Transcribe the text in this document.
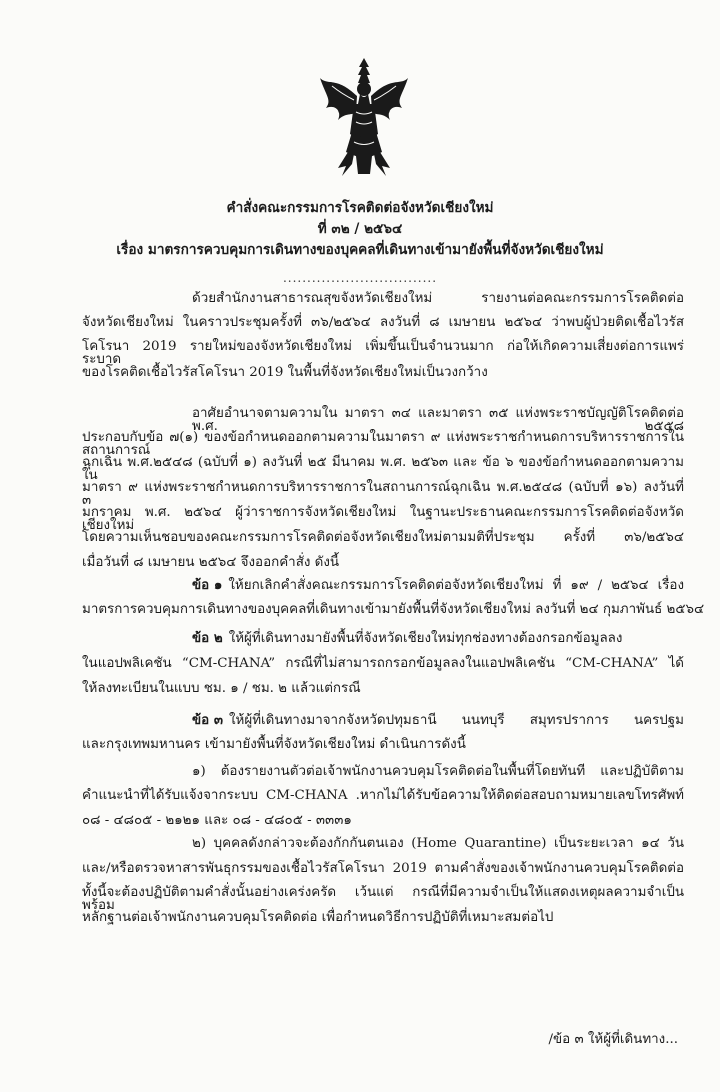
คำสั่งคณะกรรมการโรคติดต่อจังหวัดเชียงใหม่
ที่ ๓๒ / ๒๕๖๔
เรื่อง มาตรการควบคุมการเดินทางของบุคคลที่เดินทางเข้ามายังพื้นที่จังหวัดเชียงใหม่
................................
ด้วยสำนักงานสาธารณสุขจังหวัดเชียงใหม่ รายงานต่อคณะกรรมการโรคติดต่อ
จังหวัดเชียงใหม่ ในคราวประชุมครั้งที่ ๓๖/๒๕๖๔ ลงวันที่ ๘ เมษายน ๒๕๖๔ ว่าพบผู้ป่วยติดเชื้อไวรัส
โคโรนา 2019 รายใหม่ของจังหวัดเชียงใหม่ เพิ่มขึ้นเป็นจำนวนมาก ก่อให้เกิดความเสี่ยงต่อการแพร่ระบาด
ของโรคติดเชื้อไวรัสโคโรนา 2019 ในพื้นที่จังหวัดเชียงใหม่เป็นวงกว้าง
อาศัยอำนาจตามความใน มาตรา ๓๔ และมาตรา ๓๕ แห่งพระราชบัญญัติโรคติดต่อ พ.ศ. ๒๕๕๘
ประกอบกับข้อ ๗(๑) ของข้อกำหนดออกตามความในมาตรา ๙ แห่งพระราชกำหนดการบริหารราชการในสถานการณ์
ฉุกเฉิน พ.ศ.๒๕๔๘ (ฉบับที่ ๑) ลงวันที่ ๒๕ มีนาคม พ.ศ. ๒๕๖๓ และ ข้อ ๖ ของข้อกำหนดออกตามความใน
มาตรา ๙ แห่งพระราชกำหนดการบริหารราชการในสถานการณ์ฉุกเฉิน พ.ศ.๒๕๔๘ (ฉบับที่ ๑๖) ลงวันที่ ๓
มกราคม พ.ศ. ๒๕๖๔ ผู้ว่าราชการจังหวัดเชียงใหม่ ในฐานะประธานคณะกรรมการโรคติดต่อจังหวัดเชียงใหม่
โดยความเห็นชอบของคณะกรรมการโรคติดต่อจังหวัดเชียงใหม่ตามมติที่ประชุม ครั้งที่ ๓๖/๒๕๖๔
เมื่อวันที่ ๘ เมษายน ๒๕๖๔ จึงออกคำสั่ง ดังนี้
ข้อ ๑ ให้ยกเลิกคำสั่งคณะกรรมการโรคติดต่อจังหวัดเชียงใหม่ ที่ ๑๙ / ๒๕๖๔ เรื่อง
มาตรการควบคุมการเดินทางของบุคคลที่เดินทางเข้ามายังพื้นที่จังหวัดเชียงใหม่ ลงวันที่ ๒๔ กุมภาพันธ์ ๒๕๖๔
ข้อ ๒ ให้ผู้ที่เดินทางมายังพื้นที่จังหวัดเชียงใหม่ทุกช่องทางต้องกรอกข้อมูลลง
ในแอปพลิเคชัน “CM-CHANA” กรณีที่ไม่สามารถกรอกข้อมูลลงในแอปพลิเคชัน “CM-CHANA” ได้
ให้ลงทะเบียนในแบบ ชม. ๑ / ชม. ๒ แล้วแต่กรณี
ข้อ ๓ ให้ผู้ที่เดินทางมาจากจังหวัดปทุมธานี นนทบุรี สมุทรปราการ นครปฐม
และกรุงเทพมหานคร เข้ามายังพื้นที่จังหวัดเชียงใหม่ ดำเนินการดังนี้
๑) ต้องรายงานตัวต่อเจ้าพนักงานควบคุมโรคติดต่อในพื้นที่โดยทันที และปฏิบัติตาม
คำแนะนำที่ได้รับแจ้งจากระบบ CM-CHANA .หากไม่ได้รับข้อความให้ติดต่อสอบถามหมายเลขโทรศัพท์
๐๘ - ๔๘๐๕ - ๒๑๒๑ และ ๐๘ - ๔๘๐๕ - ๓๓๓๑
๒) บุคคลดังกล่าวจะต้องกักกันตนเอง (Home Quarantine) เป็นระยะเวลา ๑๔ วัน
และ/หรือตรวจหาสารพันธุกรรมของเชื้อไวรัสโคโรนา 2019 ตามคำสั่งของเจ้าพนักงานควบคุมโรคติดต่อ
ทั้งนี้จะต้องปฏิบัติตามคำสั่งนั้นอย่างเคร่งครัด เว้นแต่ กรณีที่มีความจำเป็นให้แสดงเหตุผลความจำเป็นพร้อม
หลักฐานต่อเจ้าพนักงานควบคุมโรคติดต่อ เพื่อกำหนดวิธีการปฏิบัติที่เหมาะสมต่อไป
/ข้อ ๓ ให้ผู้ที่เดินทาง...
